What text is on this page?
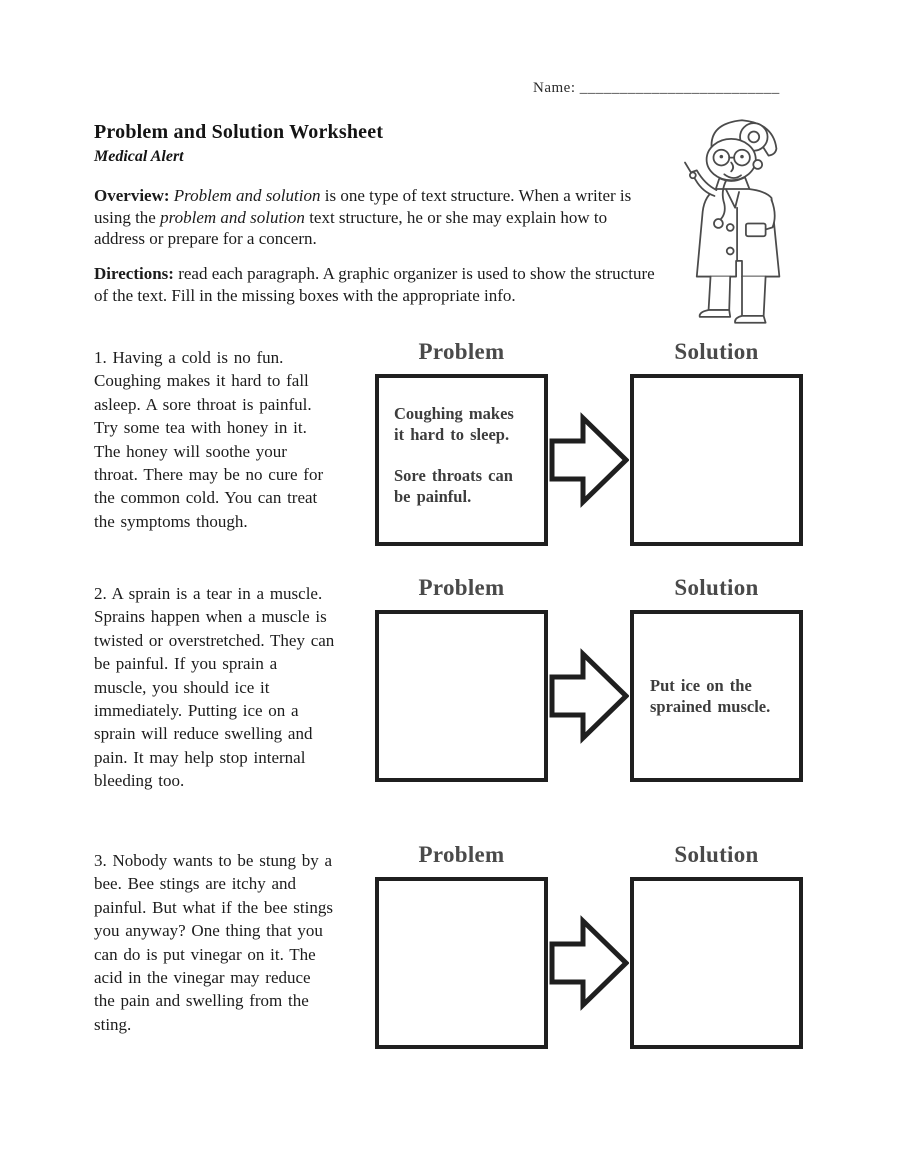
Name: _________________________
Problem and Solution Worksheet
Medical Alert

Overview: Problem and solution is one type of text structure. When a writer is using the problem and solution text structure, he or she may explain how to address or prepare for a concern.

Directions: read each paragraph. A graphic organizer is used to show the structure of the text. Fill in the missing boxes with the appropriate info.

1. Having a cold is no fun. Coughing makes it hard to fall asleep. A sore throat is painful. Try some tea with honey in it. The honey will soothe your throat. There may be no cure for the common cold. You can treat the symptoms though.

Problem	Solution
Coughing makes it hard to sleep.
Sore throats can be painful.

2. A sprain is a tear in a muscle. Sprains happen when a muscle is twisted or overstretched. They can be painful. If you sprain a muscle, you should ice it immediately. Putting ice on a sprain will reduce swelling and pain. It may help stop internal bleeding too.

Problem	Solution
Put ice on the sprained muscle.

3. Nobody wants to be stung by a bee. Bee stings are itchy and painful. But what if the bee stings you anyway? One thing that you can do is put vinegar on it. The acid in the vinegar may reduce the pain and swelling from the sting.

Problem	Solution
